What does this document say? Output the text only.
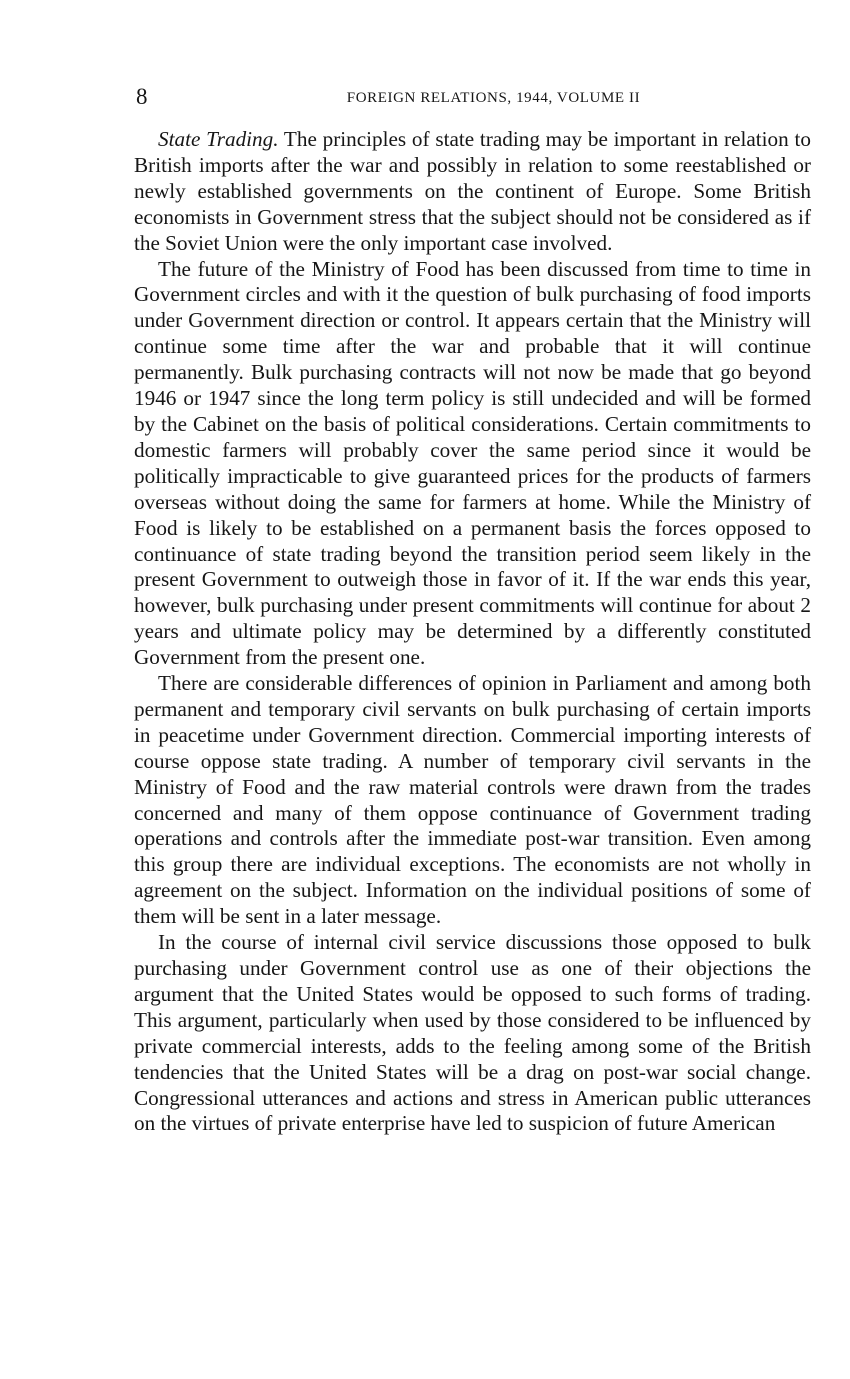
8	FOREIGN RELATIONS, 1944, VOLUME II

State Trading. The principles of state trading may be important in relation to British imports after the war and possibly in relation to some reestablished or newly established governments on the continent of Europe. Some British economists in Government stress that the subject should not be considered as if the Soviet Union were the only important case involved.

The future of the Ministry of Food has been discussed from time to time in Government circles and with it the question of bulk purchasing of food imports under Government direction or control. It appears certain that the Ministry will continue some time after the war and probable that it will continue permanently. Bulk purchasing contracts will not now be made that go beyond 1946 or 1947 since the long term policy is still undecided and will be formed by the Cabinet on the basis of political considerations. Certain commitments to domestic farmers will probably cover the same period since it would be politically impracticable to give guaranteed prices for the products of farmers overseas without doing the same for farmers at home. While the Ministry of Food is likely to be established on a permanent basis the forces opposed to continuance of state trading beyond the transition period seem likely in the present Government to outweigh those in favor of it. If the war ends this year, however, bulk purchasing under present commitments will continue for about 2 years and ultimate policy may be determined by a differently constituted Government from the present one.

There are considerable differences of opinion in Parliament and among both permanent and temporary civil servants on bulk purchasing of certain imports in peacetime under Government direction. Commercial importing interests of course oppose state trading. A number of temporary civil servants in the Ministry of Food and the raw material controls were drawn from the trades concerned and many of them oppose continuance of Government trading operations and controls after the immediate post-war transition. Even among this group there are individual exceptions. The economists are not wholly in agreement on the subject. Information on the individual positions of some of them will be sent in a later message.

In the course of internal civil service discussions those opposed to bulk purchasing under Government control use as one of their objections the argument that the United States would be opposed to such forms of trading. This argument, particularly when used by those considered to be influenced by private commercial interests, adds to the feeling among some of the British tendencies that the United States will be a drag on post-war social change. Congressional utterances and actions and stress in American public utterances on the virtues of private enterprise have led to suspicion of future American
